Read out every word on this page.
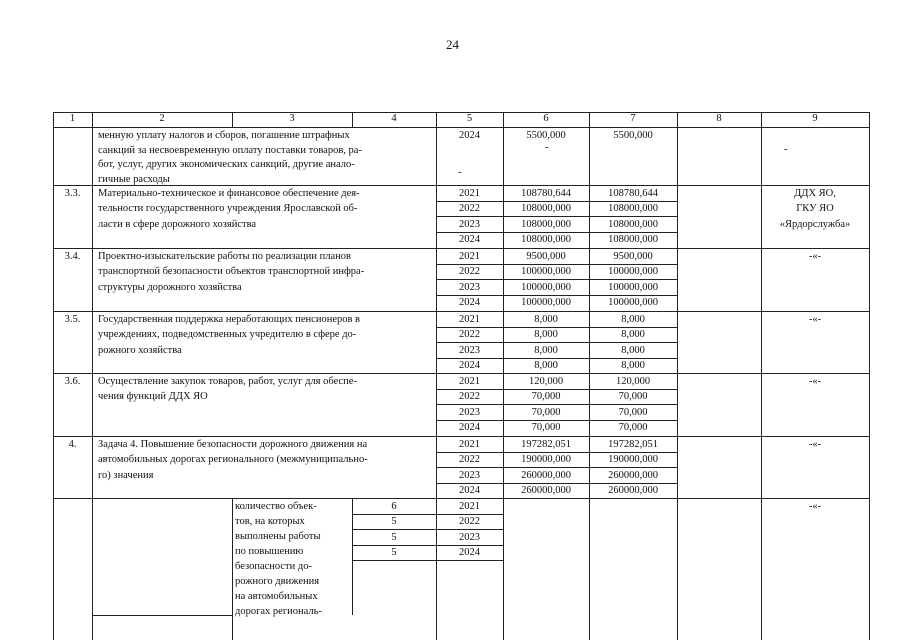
24
1	2	3	4	5	6	7	8	9
менную уплату налогов и сборов, погашение штрафных
санкций за несвоевременную оплату поставки товаров, ра-
бот, услуг, других экономических санкций, другие анало-
гичные расходы
2024	5500,000	5500,000
-	-
-
3.3.	Материально-техническое и финансовое обеспечение дея-
тельности государственного учреждения Ярославской об-
ласти в сфере дорожного хозяйства
2021	108780,644	108780,644
2022	108000,000	108000,000
2023	108000,000	108000,000
2024	108000,000	108000,000
ДДХ ЯО,
ГКУ ЯО
«Ярдорслужба»
3.4.	Проектно-изыскательские работы по реализации планов
транспортной безопасности объектов транспортной инфра-
структуры дорожного хозяйства
2021	9500,000	9500,000
2022	100000,000	100000,000
2023	100000,000	100000,000
2024	100000,000	100000,000
-«-
3.5.	Государственная поддержка неработающих пенсионеров в
учреждениях, подведомственных учредителю в сфере до-
рожного хозяйства
2021	8,000	8,000
2022	8,000	8,000
2023	8,000	8,000
2024	8,000	8,000
-«-
3.6.	Осуществление закупок товаров, работ, услуг для обеспе-
чения функций ДДХ ЯО
2021	120,000	120,000
2022	70,000	70,000
2023	70,000	70,000
2024	70,000	70,000
-«-
4.	Задача 4. Повышение безопасности дорожного движения на
автомобильных дорогах регионального (межмуниципально-
го) значения
2021	197282,051	197282,051
2022	190000,000	190000,000
2023	260000,000	260000,000
2024	260000,000	260000,000
-«-
количество объек-
тов, на которых
выполнены работы
по повышению
безопасности до-
рожного движения
на автомобильных
дорогах региональ-
6	2021
5	2022
5	2023
5	2024
-«-
